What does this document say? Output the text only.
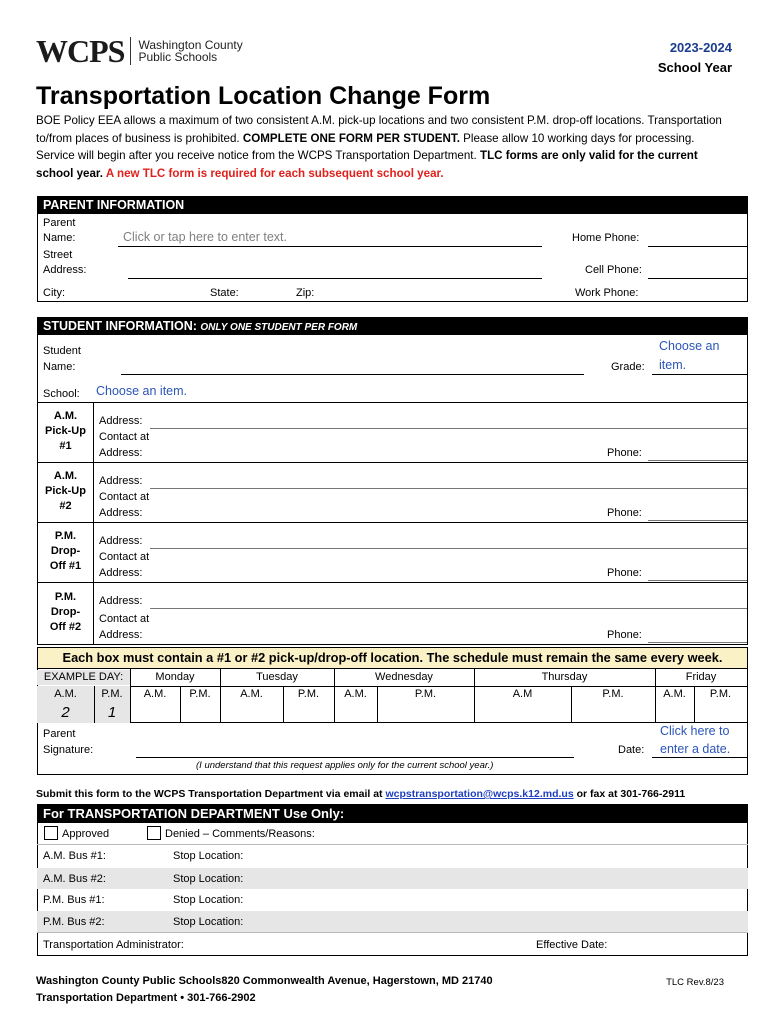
WCPS Washington County
Public Schools
2023-2024
School Year
Transportation Location Change Form
BOE Policy EEA allows a maximum of two consistent A.M. pick-up locations and two consistent P.M. drop-off locations. Transportation to/from places of business is prohibited. COMPLETE ONE FORM PER STUDENT. Please allow 10 working days for processing. Service will begin after you receive notice from the WCPS Transportation Department. TLC forms are only valid for the current school year. A new TLC form is required for each subsequent school year.
PARENT INFORMATION
Parent
Name:	Click or tap here to enter text.	Home Phone:
Street
Address:	Cell Phone:
City:	State:	Zip:	Work Phone:
STUDENT INFORMATION: ONLY ONE STUDENT PER FORM
Student
Name:	Grade:
Choose an
item.
School: Choose an item.
A.M.
Pick-Up
#1
Address:
Contact at
Address:	Phone:
A.M.
Pick-Up
#2
Address:
Contact at
Address:	Phone:
P.M.
Drop-
Off #1
Address:
Contact at
Address:	Phone:
P.M.
Drop-
Off #2
Address:
Contact at
Address:	Phone:
Each box must contain a #1 or #2 pick-up/drop-off location. The schedule must remain the same every week.
EXAMPLE DAY:	Monday	Tuesday	Wednesday	Thursday	Friday
A.M.	P.M.	A.M.	P.M.	A.M.	P.M.	A.M.	P.M.	A.M	P.M.	A.M.	P.M.
2	1
Parent
Signature:	Date:
Click here to
enter a date.
(I understand that this request applies only for the current school year.)
Submit this form to the WCPS Transportation Department via email at wcpstransportation@wcps.k12.md.us or fax at 301-766-2911
For TRANSPORTATION DEPARTMENT Use Only:
Approved	Denied – Comments/Reasons:
A.M. Bus #1:	Stop Location:
A.M. Bus #2:	Stop Location:
P.M. Bus #1:	Stop Location:
P.M. Bus #2:	Stop Location:
Transportation Administrator:	Effective Date:
Washington County Public Schools820 Commonwealth Avenue, Hagerstown, MD 21740
Transportation Department • 301-766-2902
TLC Rev.8/23
